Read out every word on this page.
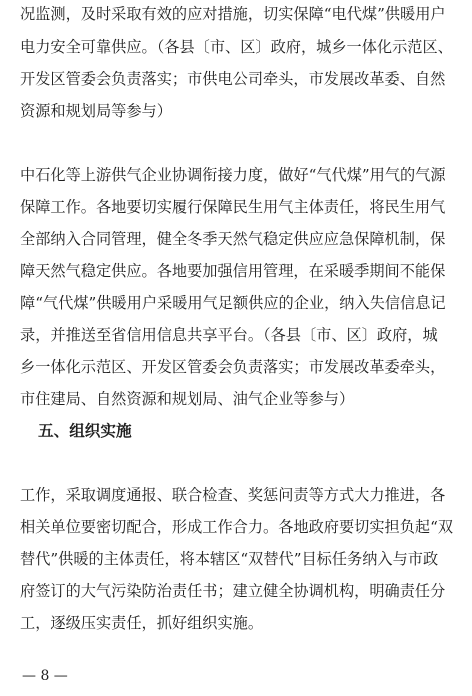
况监测，及时采取有效的应对措施，切实保障“电代煤”供暖用户
电力安全可靠供应。（各县〔市、区〕政府，城乡一体化示范区、
开发区管委会负责落实；市供电公司牵头，市发展改革委、自然
资源和规划局等参与）

中石化等上游供气企业协调衔接力度，做好“气代煤”用气的气源
保障工作。各地要切实履行保障民生用气主体责任，将民生用气
全部纳入合同管理，健全冬季天然气稳定供应应急保障机制，保
障天然气稳定供应。各地要加强信用管理，在采暖季期间不能保
障“气代煤”供暖用户采暖用气足额供应的企业，纳入失信信息记
录，并推送至省信用信息共享平台。（各县〔市、区〕政府，城
乡一体化示范区、开发区管委会负责落实；市发展改革委牵头，
市住建局、自然资源和规划局、油气企业等参与）
五、组织实施

工作，采取调度通报、联合检查、奖惩问责等方式大力推进，各
相关单位要密切配合，形成工作合力。各地政府要切实担负起“双
替代”供暖的主体责任，将本辖区“双替代”目标任务纳入与市政
府签订的大气污染防治责任书；建立健全协调机构，明确责任分
工，逐级压实责任，抓好组织实施。
— 8 —
